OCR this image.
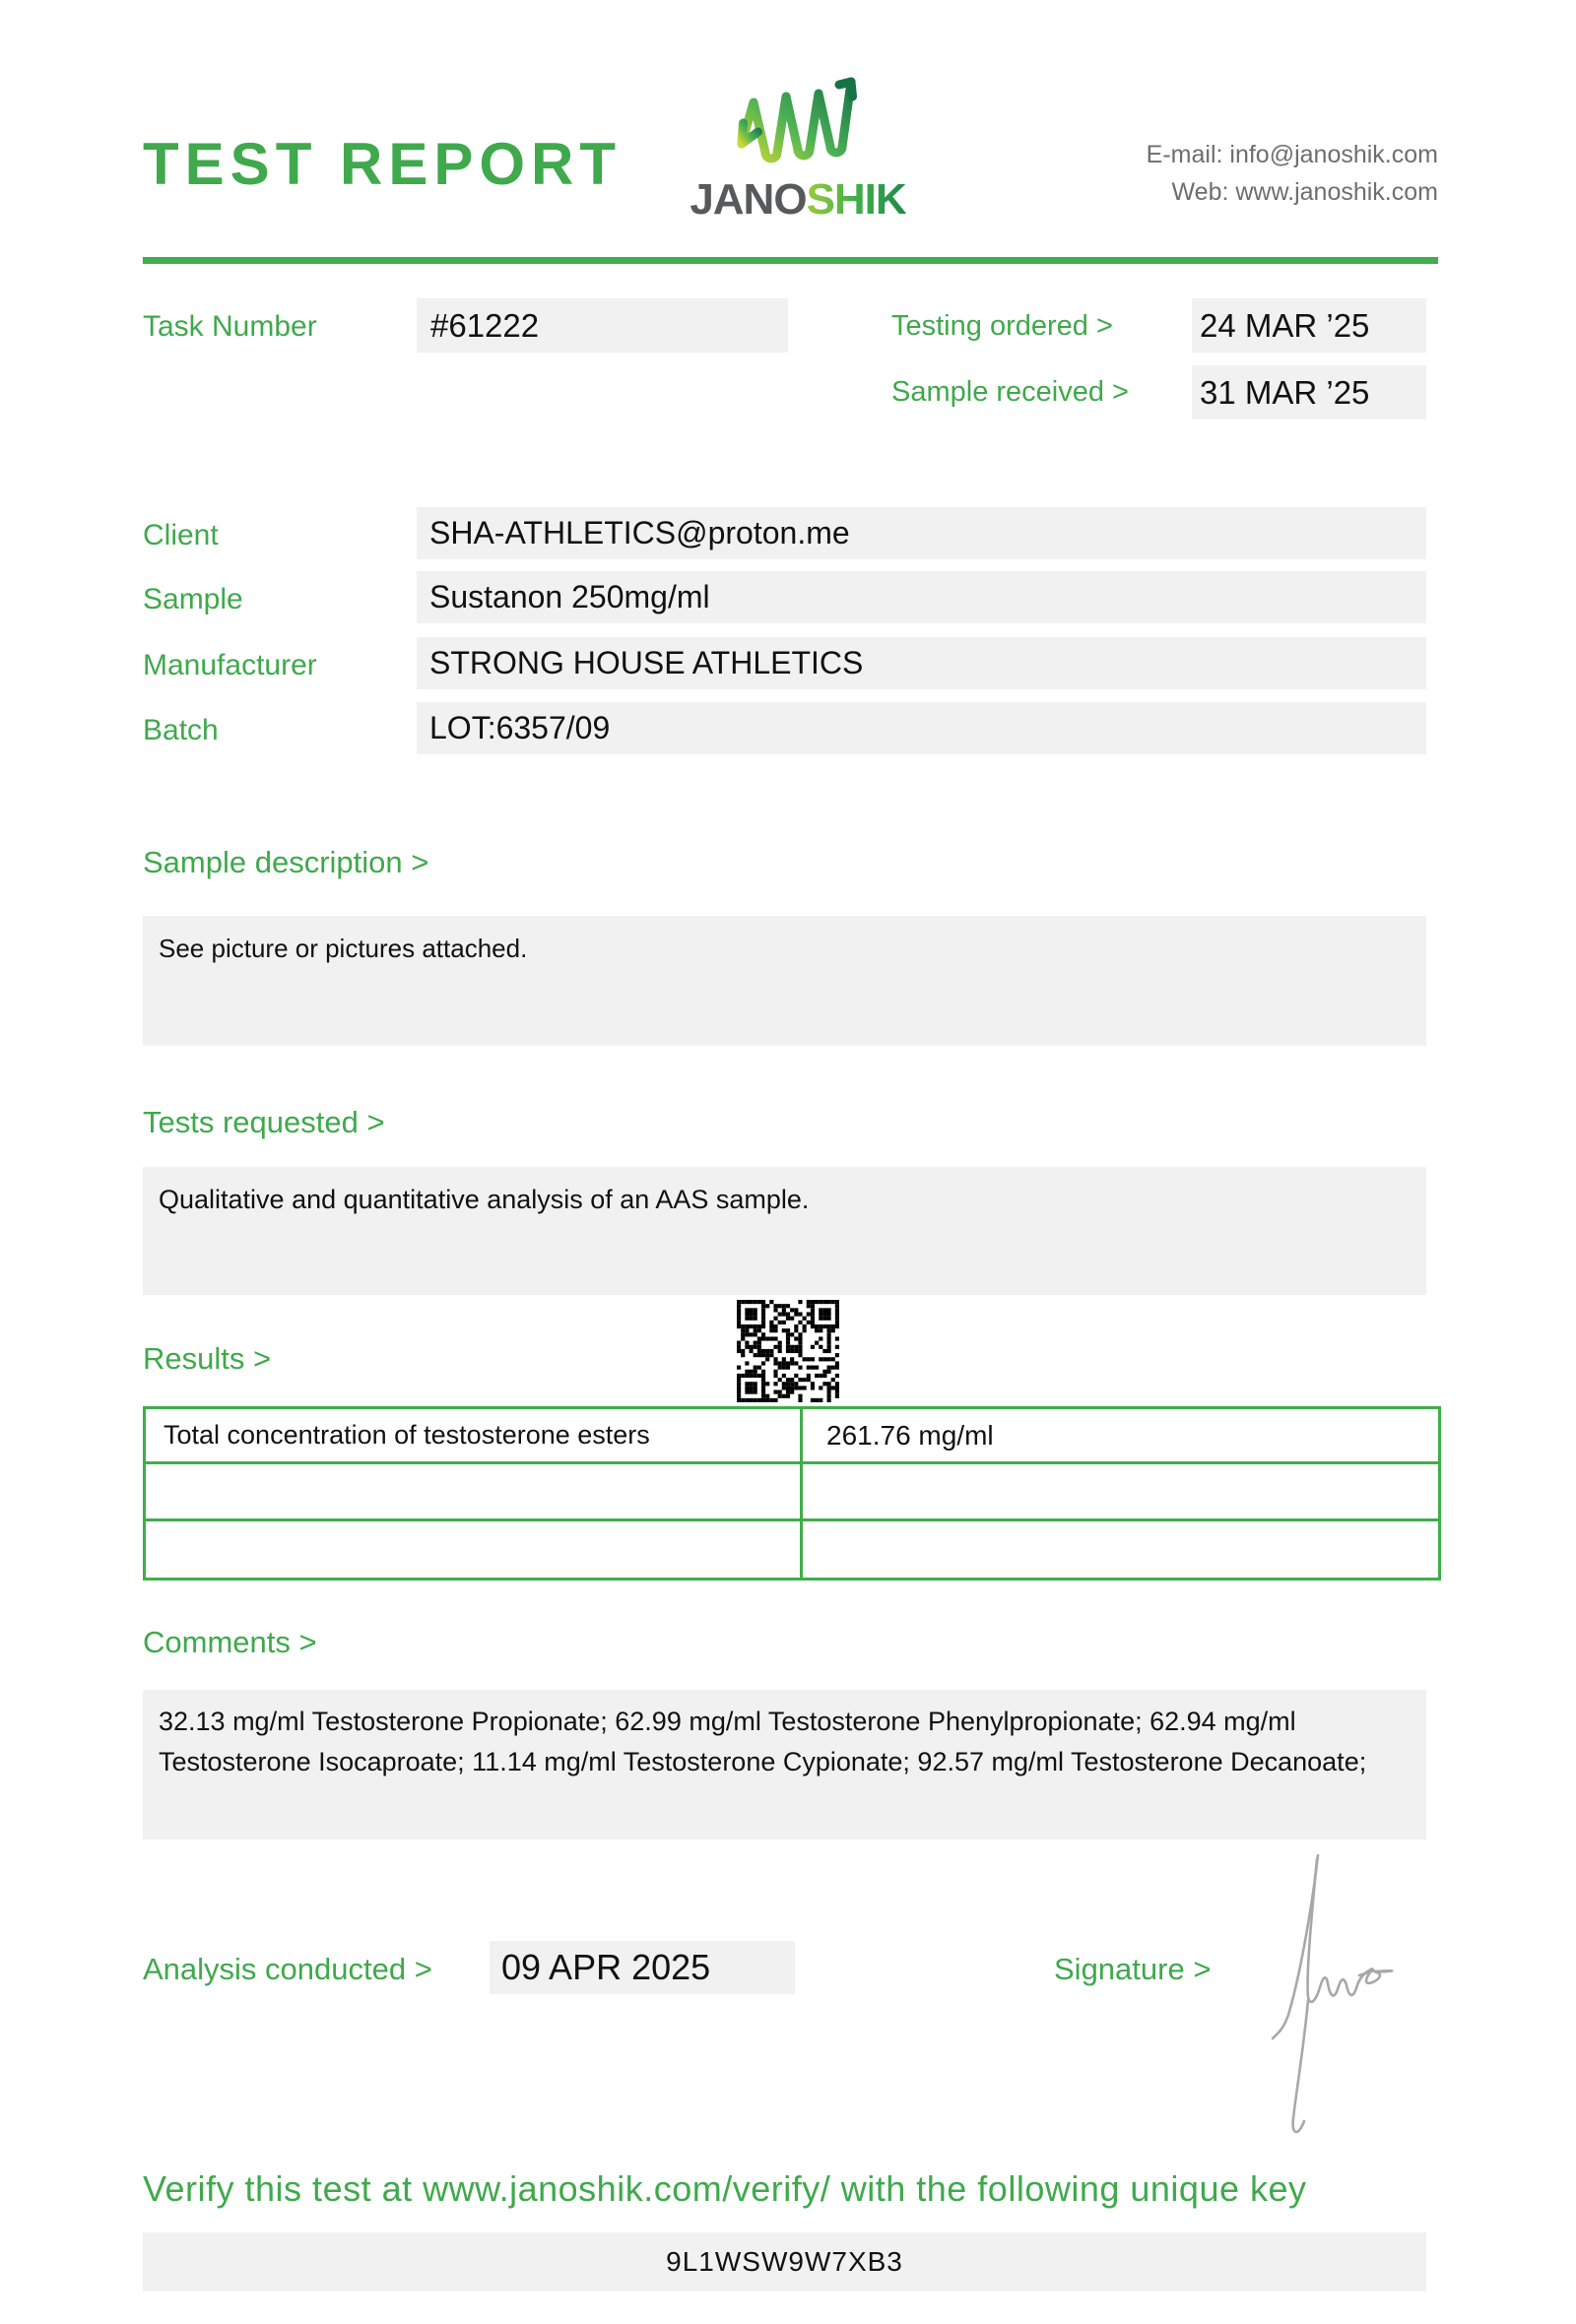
TEST REPORT
JANOSHIK
E-mail: info@janoshik.com
Web: www.janoshik.com
Task Number	#61222	Testing ordered >	24 MAR ’25
Sample received > 31 MAR ’25
Client	SHA-ATHLETICS@proton.me
Sample	Sustanon 250mg/ml
Manufacturer	STRONG HOUSE ATHLETICS
Batch	LOT:6357/09
Sample description >
See picture or pictures attached.
Tests requested >
Qualitative and quantitative analysis of an AAS sample.
Results >
Total concentration of testosterone esters	261.76 mg/ml

Comments >
32.13 mg/ml Testosterone Propionate; 62.99 mg/ml Testosterone Phenylpropionate; 62.94 mg/ml Testosterone Isocaproate; 11.14 mg/ml Testosterone Cypionate; 92.57 mg/ml Testosterone Decanoate;
Analysis conducted >	09 APR 2025	Signature >
Verify this test at www.janoshik.com/verify/ with the following unique key
9L1WSW9W7XB3
